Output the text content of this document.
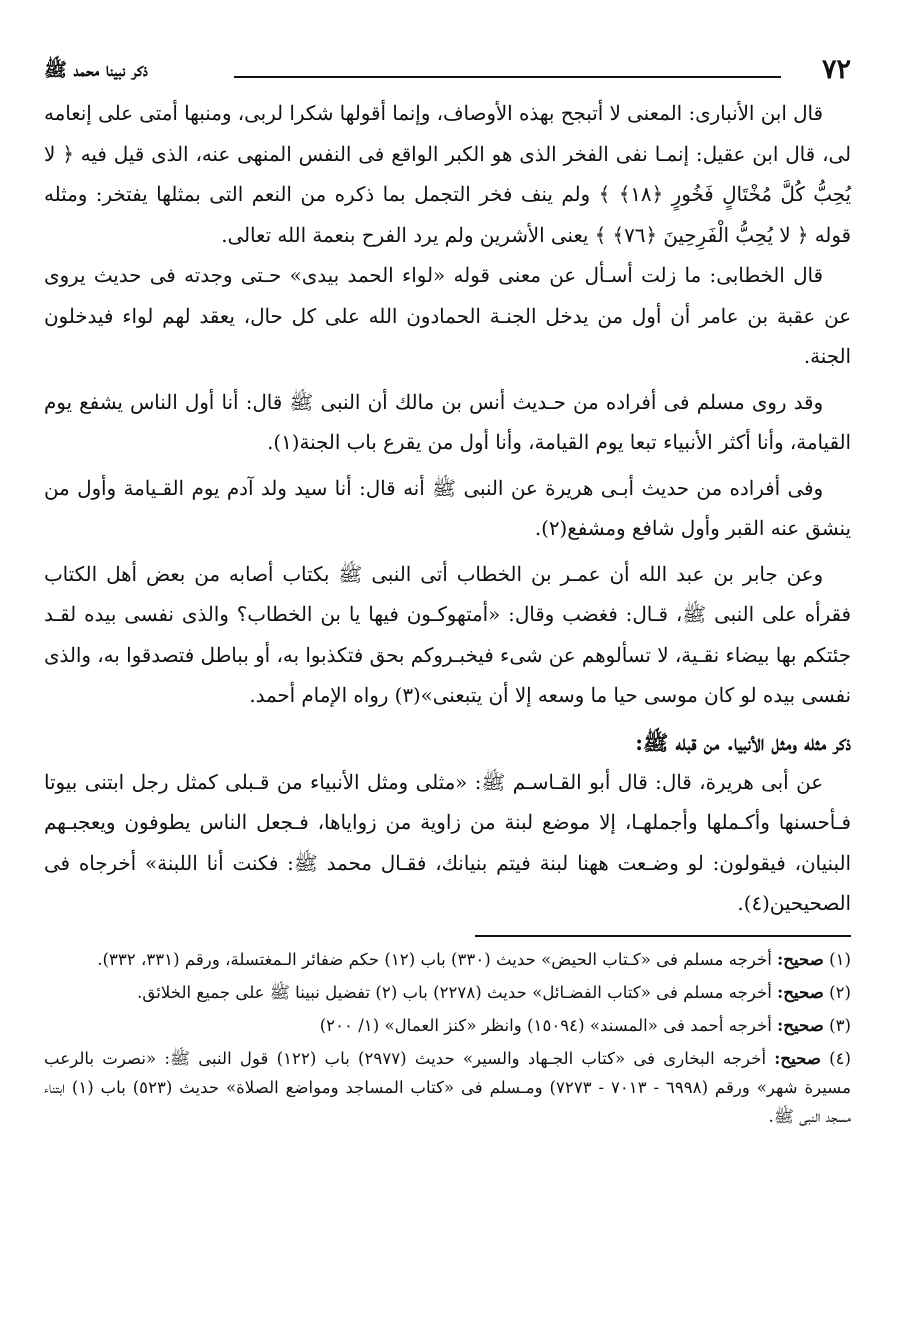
٧٢
ذكر نبينا محمد ﷺ

قال ابن الأنبارى: المعنى لا أتبجح بهذه الأوصاف، وإنما أقولها شكرا لربى، ومنبها أمتى على إنعامه لى، قال ابن عقيل: إنمـا نفى الفخر الذى هو الكبر الواقع فى النفس المنهى عنه، الذى قيل فيه ﴿ لا يُحِبُّ كُلَّ مُخْتَالٍ فَخُورٍ ﴿١٨﴾ ﴾ ولم ينف فخر التجمل بما ذكره من النعم التى بمثلها يفتخر: ومثله قوله ﴿ لا يُحِبُّ الْفَرِحِينَ ﴿٧٦﴾ ﴾ يعنى الأشرين ولم يرد الفرح بنعمة الله تعالى.

قال الخطابى: ما زلت أسـأل عن معنى قوله «لواء الحمد بيدى» حـتى وجدته فى حديث يروى عن عقبة بن عامر أن أول من يدخل الجنـة الحمادون الله على كل حال، يعقد لهم لواء فيدخلون الجنة.

وقد روى مسلم فى أفراده من حـديث أنس بن مالك أن النبى ﷺ قال: أنا أول الناس يشفع يوم القيامة، وأنا أكثر الأنبياء تبعا يوم القيامة، وأنا أول من يقرع باب الجنة(١).

وفى أفراده من حديث أبـى هريرة عن النبى ﷺ أنه قال: أنا سيد ولد آدم يوم القـيامة وأول من ينشق عنه القبر وأول شافع ومشفع(٢).

وعن جابر بن عبد الله أن عمـر بن الخطاب أتى النبى ﷺ بكتاب أصابه من بعض أهل الكتاب فقرأه على النبى ﷺ، قـال: فغضب وقال: «أمتهوكـون فيها يا بن الخطاب؟ والذى نفسى بيده لقـد جئتكم بها بيضاء نقـية، لا تسألوهم عن شىء فيخبـروكم بحق فتكذبوا به، أو بباطل فتصدقوا به، والذى نفسى بيده لو كان موسى حيا ما وسعه إلا أن يتبعنى»(٣) رواه الإمام أحمد.

ذكر مثله ومثل الأنبيا. من قبله ﷺ:

عن أبى هريرة، قال: قال أبو القـاسـم ﷺ: «مثلى ومثل الأنبياء من قـبلى كمثل رجل ابتنى بيوتا فـأحسنها وأكـملها وأجملهـا، إلا موضع لبنة من زاوية من زواياها، فـجعل الناس يطوفون ويعجبـهم البنيان، فيقولون: لو وضـعت ههنا لبنة فيتم بنيانك، فقـال محمد ﷺ: فكنت أنا اللبنة» أخرجاه فى الصحيحين(٤).

(١) صحيح: أخرجه مسلم فى «كـتاب الحيض» حديث (٣٣٠) باب (١٢) حكم ضفائر الـمغتسلة، ورقم (٣٣١، ٣٣٢).

(٢) صحيح: أخرجه مسلم فى «كتاب الفضـائل» حديث (٢٢٧٨) باب (٢) تفضيل نبينا ﷺ على جميع الخلائق.

(٣) صحيح: أخرجه أحمد فى «المسند» (١٥٠٩٤) وانظر «كنز العمال» (١/ ٢٠٠)

(٤) صحيح: أخرجه البخارى فى «كتاب الجـهاد والسير» حديث (٢٩٧٧) باب (١٢٢) قول النبى ﷺ: «نصرت بالرعب مسيرة شهر» ورقم (٦٩٩٨ - ٧٠١٣ - ٧٢٧٣) ومـسلم فى «كتاب المساجد ومواضع الصلاة» حديث (٥٢٣) باب (١) ابتناء مسجد النبى ﷺ.
